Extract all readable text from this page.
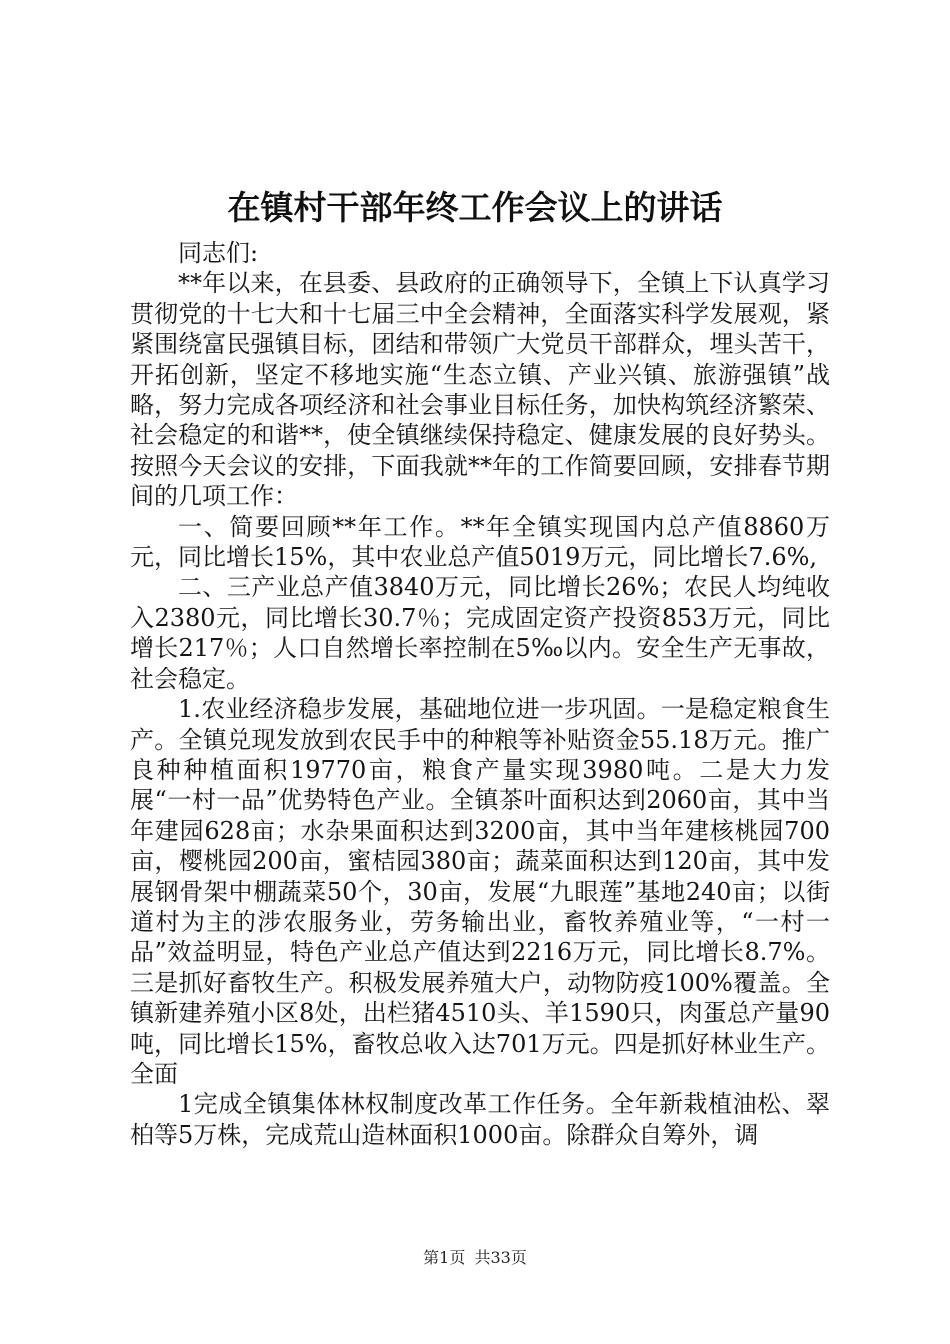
在镇村干部年终工作会议上的讲话

同志们:

**年以来，在县委、县政府的正确领导下，全镇上下认真学习贯彻党的十七大和十七届三中全会精神，全面落实科学发展观，紧紧围绕富民强镇目标，团结和带领广大党员干部群众，埋头苦干，开拓创新，坚定不移地实施“生态立镇、产业兴镇、旅游强镇”战略，努力完成各项经济和社会事业目标任务，加快构筑经济繁荣、社会稳定的和谐**，使全镇继续保持稳定、健康发展的良好势头。按照今天会议的安排，下面我就**年的工作简要回顾，安排春节期间的几项工作：

一、简要回顾**年工作。**年全镇实现国内总产值8860万元，同比增长15%，其中农业总产值5019万元，同比增长7.6%,

二、三产业总产值3840万元，同比增长26%；农民人均纯收入2380元，同比增长30.7％；完成固定资产投资853万元，同比增长217％；人口自然增长率控制在5‰以内。安全生产无事故，社会稳定。

1.农业经济稳步发展，基础地位进一步巩固。一是稳定粮食生产。全镇兑现发放到农民手中的种粮等补贴资金55.18万元。推广良种种植面积19770亩，粮食产量实现3980吨。二是大力发展“一村一品”优势特色产业。全镇茶叶面积达到2060亩，其中当年建园628亩；水杂果面积达到3200亩，其中当年建核桃园700亩，樱桃园200亩，蜜桔园380亩；蔬菜面积达到120亩，其中发展钢骨架中棚蔬菜50个，30亩，发展“九眼莲”基地240亩；以街道村为主的涉农服务业，劳务输出业，畜牧养殖业等，“一村一品”效益明显，特色产业总产值达到2216万元，同比增长8.7%。三是抓好畜牧生产。积极发展养殖大户，动物防疫100%覆盖。全镇新建养殖小区8处，出栏猪4510头、羊1590只，肉蛋总产量90吨，同比增长15%，畜牧总收入达701万元。四是抓好林业生产。全面

1完成全镇集体林权制度改革工作任务。全年新栽植油松、翠柏等5万株，完成荒山造林面积1000亩。除群众自筹外，调

第1页 共33页
